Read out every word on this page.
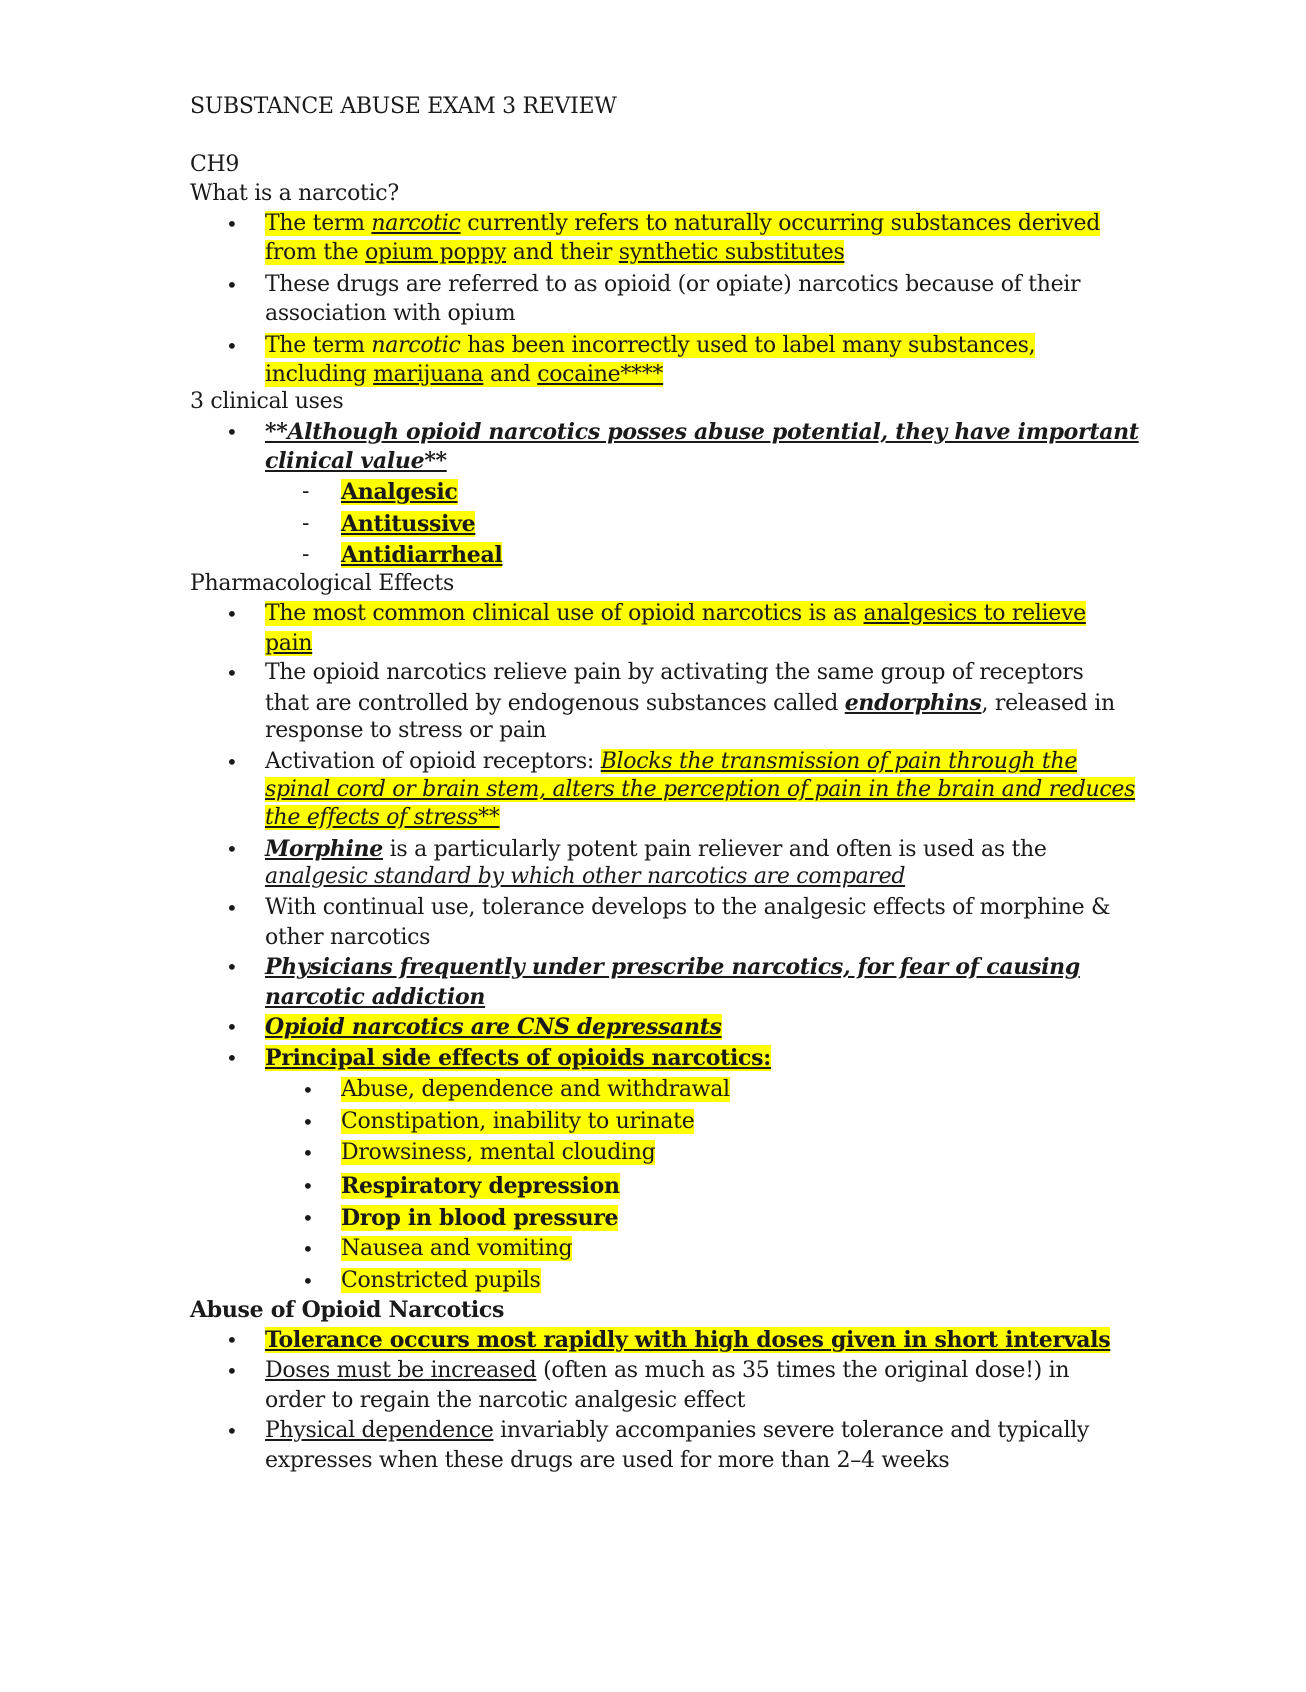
SUBSTANCE ABUSE EXAM 3 REVIEW
CH9
What is a narcotic?
• The term narcotic currently refers to naturally occurring substances derived
from the opium poppy and their synthetic substitutes
• These drugs are referred to as opioid (or opiate) narcotics because of their
association with opium
• The term narcotic has been incorrectly used to label many substances,
including marijuana and cocaine****
3 clinical uses
• **Although opioid narcotics posses abuse potential, they have important
clinical value**
- Analgesic
- Antitussive
- Antidiarrheal
Pharmacological Effects
• The most common clinical use of opioid narcotics is as analgesics to relieve
pain
• The opioid narcotics relieve pain by activating the same group of receptors
that are controlled by endogenous substances called endorphins, released in
response to stress or pain
• Activation of opioid receptors: Blocks the transmission of pain through the
spinal cord or brain stem, alters the perception of pain in the brain and reduces
the effects of stress**
• Morphine is a particularly potent pain reliever and often is used as the
analgesic standard by which other narcotics are compared
• With continual use, tolerance develops to the analgesic effects of morphine &
other narcotics
• Physicians frequently under prescribe narcotics, for fear of causing
narcotic addiction
• Opioid narcotics are CNS depressants
• Principal side effects of opioids narcotics:
• Abuse, dependence and withdrawal
• Constipation, inability to urinate
• Drowsiness, mental clouding
• Respiratory depression
• Drop in blood pressure
• Nausea and vomiting
• Constricted pupils
Abuse of Opioid Narcotics
• Tolerance occurs most rapidly with high doses given in short intervals
• Doses must be increased (often as much as 35 times the original dose!) in
order to regain the narcotic analgesic effect
• Physical dependence invariably accompanies severe tolerance and typically
expresses when these drugs are used for more than 2–4 weeks
